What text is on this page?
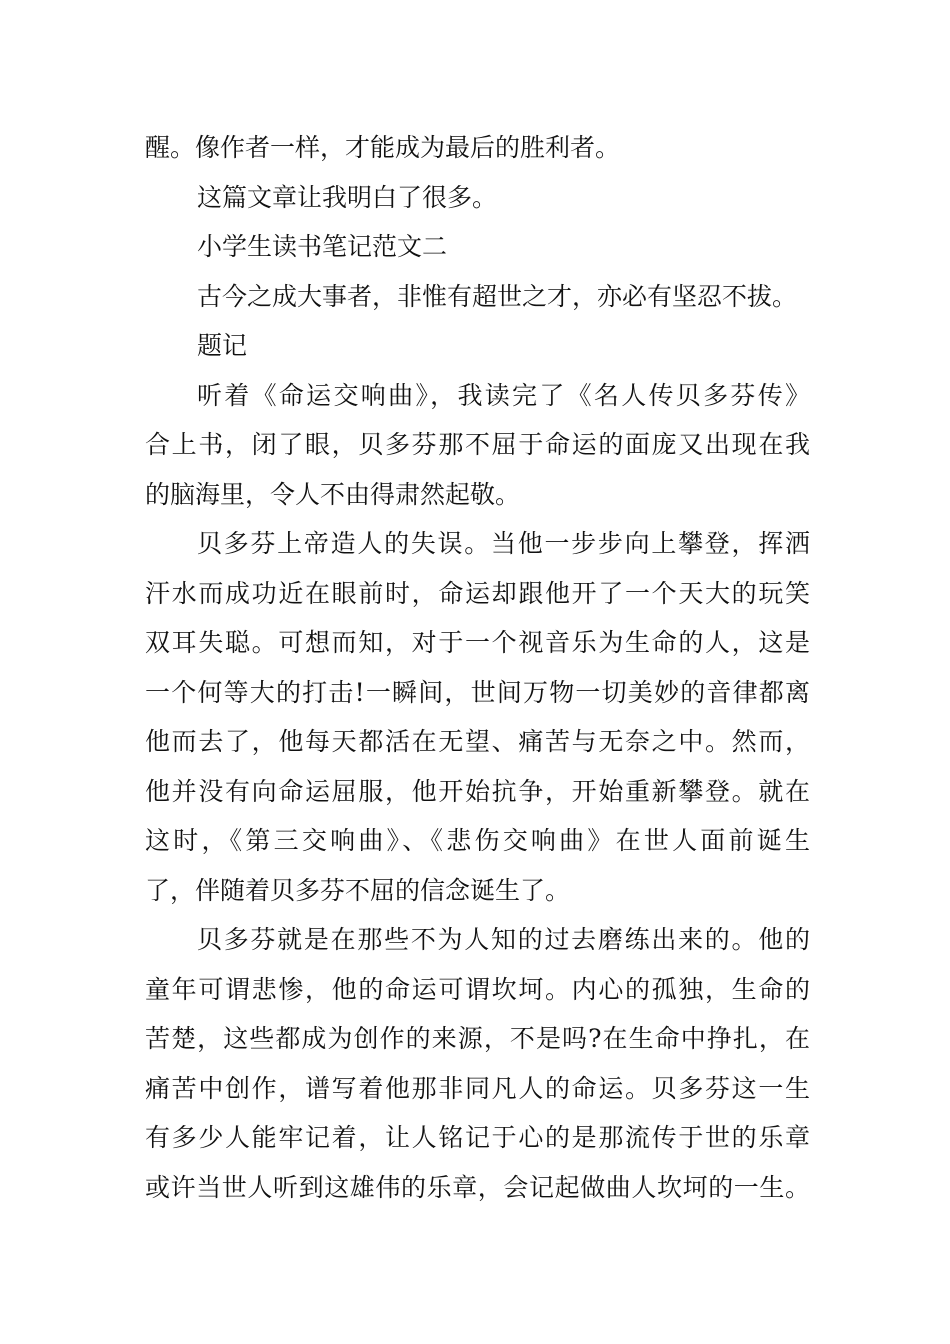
醒。像作者一样，才能成为最后的胜利者。
这篇文章让我明白了很多。
小学生读书笔记范文二
古今之成大事者，非惟有超世之才，亦必有坚忍不拔。
题记
听着《命运交响曲》，我读完了《名人传贝多芬传》
合上书，闭了眼，贝多芬那不屈于命运的面庞又出现在我
的脑海里，令人不由得肃然起敬。
贝多芬上帝造人的失误。当他一步步向上攀登，挥洒
汗水而成功近在眼前时，命运却跟他开了一个天大的玩笑
双耳失聪。可想而知，对于一个视音乐为生命的人，这是
一个何等大的打击!一瞬间，世间万物一切美妙的音律都离
他而去了，他每天都活在无望、痛苦与无奈之中。然而，
他并没有向命运屈服，他开始抗争，开始重新攀登。就在
这时，《第三交响曲》、《悲伤交响曲》在世人面前诞生
了，伴随着贝多芬不屈的信念诞生了。
贝多芬就是在那些不为人知的过去磨练出来的。他的
童年可谓悲惨，他的命运可谓坎坷。内心的孤独，生命的
苦楚，这些都成为创作的来源，不是吗?在生命中挣扎，在
痛苦中创作，谱写着他那非同凡人的命运。贝多芬这一生
有多少人能牢记着，让人铭记于心的是那流传于世的乐章
或许当世人听到这雄伟的乐章，会记起做曲人坎坷的一生。
